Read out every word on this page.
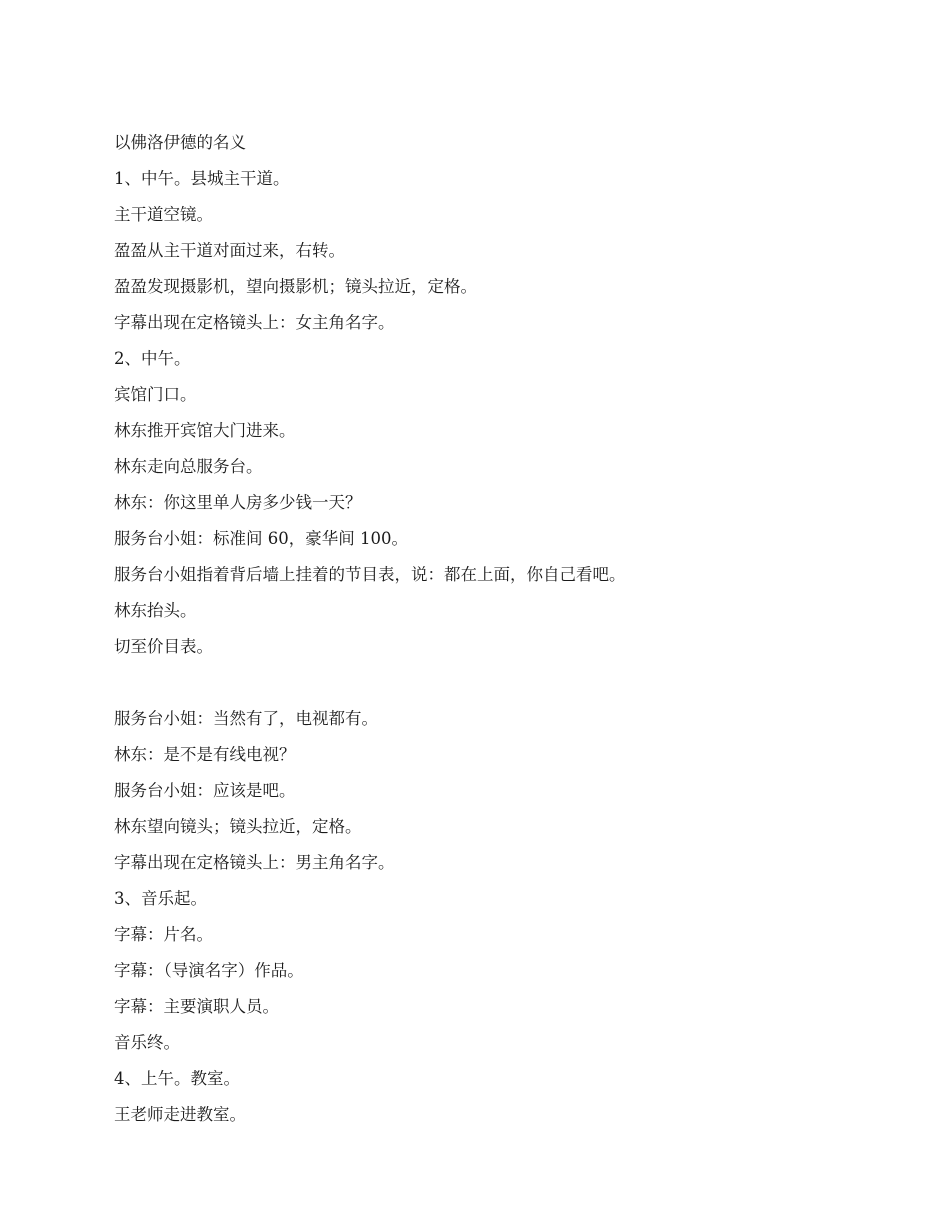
以佛洛伊德的名义

1、中午。县城主干道。

主干道空镜。

盈盈从主干道对面过来，右转。

盈盈发现摄影机，望向摄影机；镜头拉近，定格。

字幕出现在定格镜头上：女主角名字。

2、中午。

宾馆门口。

林东推开宾馆大门进来。

林东走向总服务台。

林东：你这里单人房多少钱一天？

服务台小姐：标准间 60，豪华间 100。

服务台小姐指着背后墙上挂着的节目表，说：都在上面，你自己看吧。

林东抬头。

切至价目表。

服务台小姐：当然有了，电视都有。

林东：是不是有线电视？

服务台小姐：应该是吧。

林东望向镜头；镜头拉近，定格。

字幕出现在定格镜头上：男主角名字。

3、音乐起。

字幕：片名。

字幕：（导演名字）作品。

字幕：主要演职人员。

音乐终。

4、上午。教室。

王老师走进教室。
